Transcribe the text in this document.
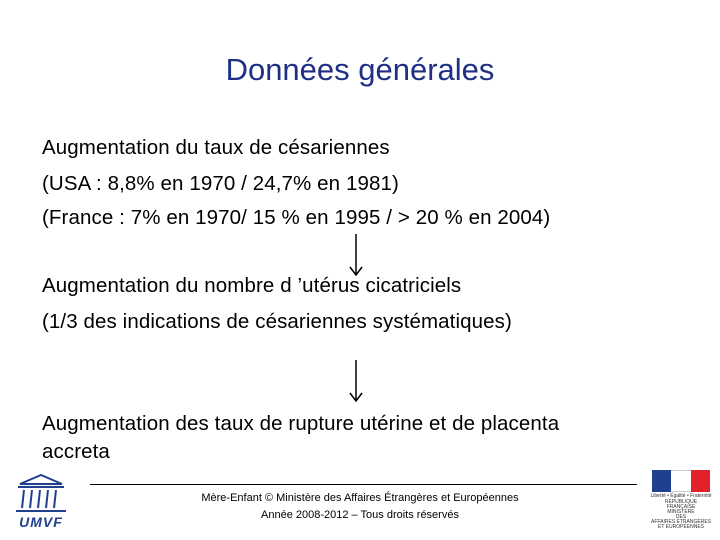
Données générales
Augmentation du taux de césariennes
(USA : 8,8% en 1970 / 24,7% en 1981)
(France : 7% en 1970/ 15 % en 1995 / > 20 % en 2004)
Augmentation du nombre d ’utérus cicatriciels
(1/3 des indications de césariennes systématiques)
Augmentation des taux de rupture utérine et de placenta
accreta
UMVF
Mère-Enfant © Ministère des Affaires Étrangères et Européennes
Année 2008-2012 – Tous droits réservés
Liberté • Égalité • Fraternité
RÉPUBLIQUE FRANÇAISE
MINISTÈRE
DES
AFFAIRES ÉTRANGÈRES
ET EUROPÉENNES
